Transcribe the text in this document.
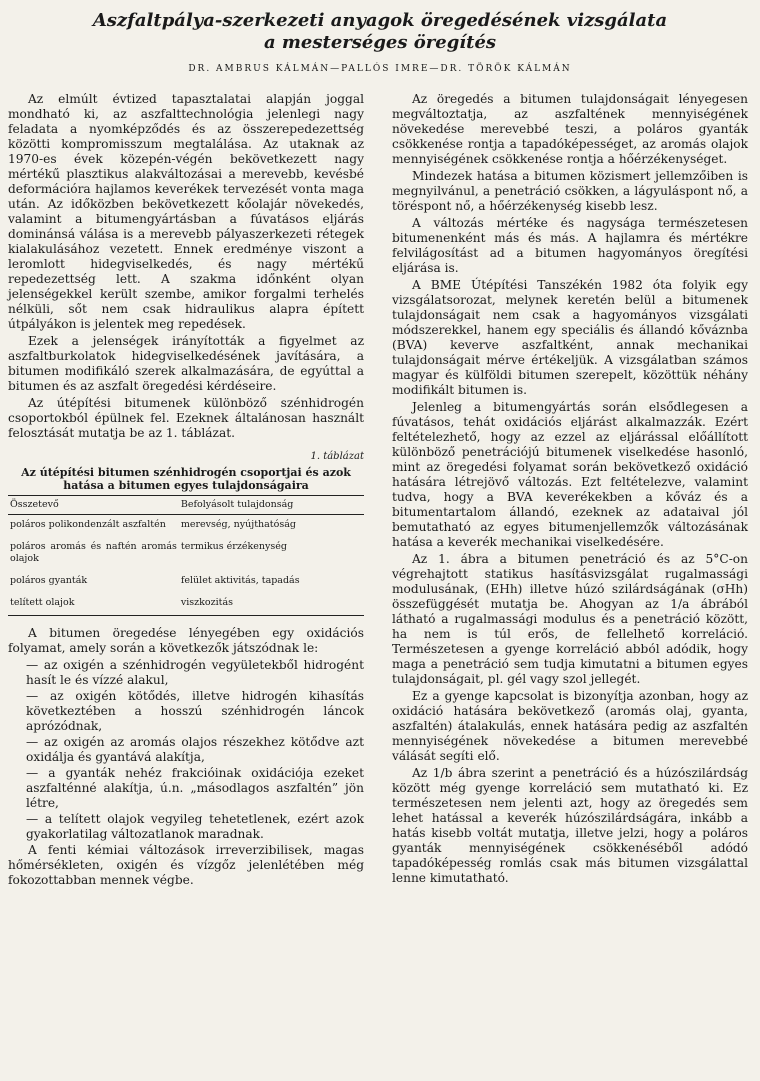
Aszfaltpálya-szerkezeti anyagok öregedésének vizsgálata
a mesterséges öregítés
DR. AMBRUS KÁLMÁN—PALLÓS IMRE—DR. TÖRÖK KÁLMÁN

Az elmúlt évtized tapasztalatai alapján joggal mondható ki, az aszfalttechnológia jelenlegi nagy feladata a nyomképződés és az összerepedezettség közötti kompromisszum megtalálása. Az utaknak az 1970-es évek közepén-végén bekövetkezett nagy mértékű plasztikus alakváltozásai a merevebb, kevésbé deformációra hajlamos keverékek tervezését vonta maga után. Az időközben bekövetkezett kőolajár növekedés, valamint a bitumengyártásban a fúvatásos eljárás dominánsá válása is a merevebb pályaszerkezeti rétegek kialakulásához vezetett. Ennek eredménye viszont a leromlott hidegviselkedés, és nagy mértékű repedezettség lett. A szakma időnként olyan jelenségekkel került szembe, amikor forgalmi terhelés nélküli, sőt nem csak hidraulikus alapra épített útpályákon is jelentek meg repedések.

Ezek a jelenségek irányították a figyelmet az aszfaltburkolatok hidegviselkedésének javítására, a bitumen modifikáló szerek alkalmazására, de egyúttal a bitumen és az aszfalt öregedési kérdéseire.

Az útépítési bitumenek különböző szénhidrogén csoportokból épülnek fel. Ezeknek általánosan használt felosztását mutatja be az 1. táblázat.

1. táblázat
Az útépítési bitumen szénhidrogén csoportjai és azok hatása a bitumen egyes tulajdonságaira
Összetevő	Befolyásolt tulajdonság
poláros polikondenzált aszfaltén	merevség, nyújthatóság
poláros aromás és naftén aromás olajok	termikus érzékenység
poláros gyanták	felület aktivitás, tapadás
telített olajok	viszkozitás

A bitumen öregedése lényegében egy oxidációs folyamat, amely során a következők játszódnak le:

— az oxigén a szénhidrogén vegyületekből hidrogént hasít le és vízzé alakul,
— az oxigén kötődés, illetve hidrogén kihasítás következtében a hosszú szénhidrogén láncok aprózódnak,
— az oxigén az aromás olajos részekhez kötődve azt oxidálja és gyantává alakítja,
— a gyanták nehéz frakcióinak oxidációja ezeket aszfalténné alakítja, ú.n. „másodlagos aszfaltén” jön létre,
— a telített olajok vegyileg tehetetlenek, ezért azok gyakorlatilag változatlanok maradnak.

A fenti kémiai változások irreverzibilisek, magas hőmérsékleten, oxigén és vízgőz jelenlétében még fokozottabban mennek végbe.

Az öregedés a bitumen tulajdonságait lényegesen megváltoztatja, az aszfaltének mennyiségének növekedése merevebbé teszi, a poláros gyanták csökkenése rontja a tapadóképességet, az aromás olajok mennyiségének csökkenése rontja a hőérzékenységet.

Mindezek hatása a bitumen közismert jellemzőiben is megnyilvánul, a penetráció csökken, a lágyuláspont nő, a töréspont nő, a hőérzékenység kisebb lesz.

A változás mértéke és nagysága természetesen bitumenenként más és más. A hajlamra és mértékre felvilágosítást ad a bitumen hagyományos öregítési eljárása is.

A BME Útépítési Tanszékén 1982 óta folyik egy vizsgálatsorozat, melynek keretén belül a bitumenek tulajdonságait nem csak a hagyományos vizsgálati módszerekkel, hanem egy speciális és állandó kőváznba (BVA) keverve aszfaltként, annak mechanikai tulajdonságait mérve értékeljük. A vizsgálatban számos magyar és külföldi bitumen szerepelt, közöttük néhány modifikált bitumen is.

Jelenleg a bitumengyártás során elsődlegesen a fúvatásos, tehát oxidációs eljárást alkalmazzák. Ezért feltételezhető, hogy az ezzel az eljárással előállított különböző penetrációjú bitumenek viselkedése hasonló, mint az öregedési folyamat során bekövetkező oxidáció hatására létrejövő változás. Ezt feltételezve, valamint tudva, hogy a BVA keverékekben a kőváz és a bitumentartalom állandó, ezeknek az adataival jól bemutatható az egyes bitumenjellemzők változásának hatása a keverék mechanikai viselkedésére.

Az 1. ábra a bitumen penetráció és az 5°C-on végrehajtott statikus hasításvizsgálat rugalmassági modulusának, (EHh) illetve húzó szilárdságának (σHh) összefüggését mutatja be. Ahogyan az 1/a ábrából látható a rugalmassági modulus és a penetráció között, ha nem is túl erős, de fellelhető korreláció. Természetesen a gyenge korreláció abból adódik, hogy maga a penetráció sem tudja kimutatni a bitumen egyes tulajdonságait, pl. gél vagy szol jellegét.

Ez a gyenge kapcsolat is bizonyítja azonban, hogy az oxidáció hatására bekövetkező (aromás olaj, gyanta, aszfaltén) átalakulás, ennek hatására pedig az aszfaltén mennyiségének növekedése a bitumen merevebbé válását segíti elő.

Az 1/b ábra szerint a penetráció és a húzószilárdság között még gyenge korreláció sem mutatható ki. Ez természetesen nem jelenti azt, hogy az öregedés sem lehet hatással a keverék húzószilárdságára, inkább a hatás kisebb voltát mutatja, illetve jelzi, hogy a poláros gyanták mennyiségének csökkenéséből adódó tapadóképesség romlás csak más bitumen vizsgálattal lenne kimutatható.
